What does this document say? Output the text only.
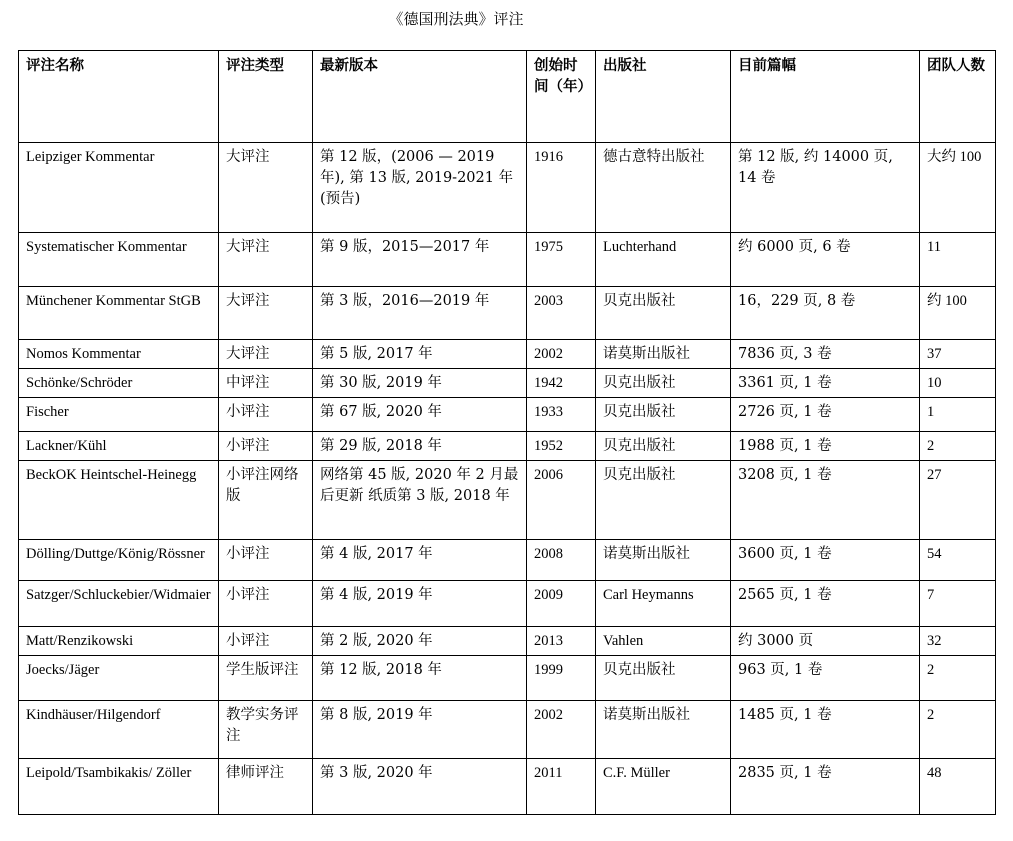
《德国刑法典》评注
评注名称	评注类型	最新版本	创始时间（年）	出版社	目前篇幅	团队人数
Leipziger Kommentar	大评注	第 12 版，(2006 — 2019 年), 第 13 版, 2019-2021 年(预告)	1916	德古意特出版社	第 12 版, 约 14000 页, 14 卷	大约 100
Systematischer Kommentar	大评注	第 9 版，2015—2017 年	1975	Luchterhand	约 6000 页, 6 卷	11
Münchener Kommentar StGB	大评注	第 3 版，2016—2019 年	2003	贝克出版社	16，229 页, 8 卷	约 100
Nomos Kommentar	大评注	第 5 版, 2017 年	2002	诺莫斯出版社	7836 页, 3 卷	37
Schönke/Schröder	中评注	第 30 版, 2019 年	1942	贝克出版社	3361 页, 1 卷	10
Fischer	小评注	第 67 版, 2020 年	1933	贝克出版社	2726 页, 1 卷	1
Lackner/Kühl	小评注	第 29 版, 2018 年	1952	贝克出版社	1988 页, 1 卷	2
BeckOK Heintschel-Heinegg	小评注网络版	网络第 45 版, 2020 年 2 月最后更新 纸质第 3 版, 2018 年	2006	贝克出版社	3208 页, 1 卷	27
Dölling/Duttge/König/Rössner	小评注	第 4 版, 2017 年	2008	诺莫斯出版社	3600 页, 1 卷	54
Satzger/Schluckebier/Widmaier	小评注	第 4 版, 2019 年	2009	Carl Heymanns	2565 页, 1 卷	7
Matt/Renzikowski	小评注	第 2 版, 2020 年	2013	Vahlen	约 3000 页	32
Joecks/Jäger	学生版评注	第 12 版, 2018 年	1999	贝克出版社	963 页, 1 卷	2
Kindhäuser/Hilgendorf	教学实务评注	第 8 版, 2019 年	2002	诺莫斯出版社	1485 页, 1 卷	2
Leipold/Tsambikakis/ Zöller	律师评注	第 3 版, 2020 年	2011	C.F. Müller	2835 页, 1 卷	48
